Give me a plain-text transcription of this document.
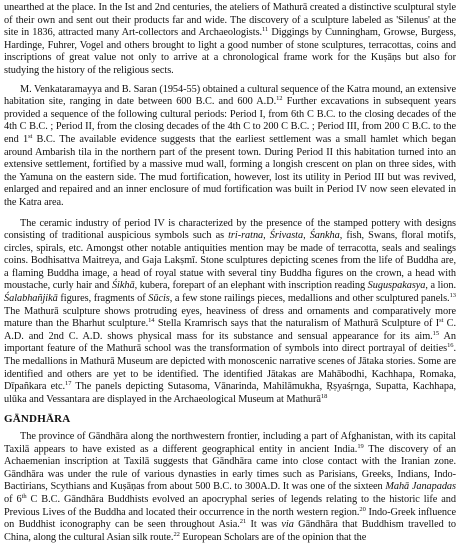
unearthed at the place. In the Ist and 2nd centuries, the ateliers of Mathurā created a distinctive sculptural style of their own and sent out their products far and wide. The discovery of a sculpture labeled as 'Silenus' at the site in 1836, attracted many Art-collectors and Archaeologists.$^{11}$ Diggings by Cunningham, Growse, Burgess, Hardinge, Fuhrer, Vogel and others brought to light a good number of stone sculptures, terracottas, coins and inscriptions of great value not only to arrive at a chronological frame work for the Kuṣāṇs but also for studying the history of the religious sects.

M. Venkataramayya and B. Saran (1954-55) obtained a cultural sequence of the Katra mound, an extensive habitation site, ranging in date between 600 B.C. and 600 A.D.$^{12}$ Further excavations in subsequent years provided a sequence of the following cultural periods: Period I, from 6th C B.C. to the closing decades of the 4th C B.C. ; Period II, from the closing decades of the 4th C to 200 C B.C. ; Period III, from 200 C B.C. to the end 1st B.C. The available evidence suggests that the earliest settlement was a small hamlet which began around Ambarish tila in the northern part of the present town. During Period II this habitation turned into an extensive settlement, fortified by a massive mud wall, forming a longish crescent on plan on three sides, with the Yamuna on the eastern side. The mud fortification, however, lost its utility in Period III but was revived, enlarged and repaired and an inner enclosure of mud fortification was built in Period IV now seen elevated in the Katra area.

The ceramic industry of period IV is characterized by the presence of the stamped pottery with designs consisting of traditional auspicious symbols such as tri-ratna, Śrivasta, Śankha, fish, Swans, floral motifs, circles, spirals, etc. Amongst other notable antiquities mention may be made of terracotta, seals and sealings coins. Bodhisattva Maitreya, and Gaja Lakṣmī. Stone sculptures depicting scenes from the life of Buddha are, a flaming Buddha image, a head of royal statue with several tiny Buddha figures on the crown, a head with moustache, curly hair and Śikhā, kubera, forepart of an elephant with inscription reading Suguspakasya, a lion. Śalabhañjikā figures, fragments of Sūcis, a few stone railings pieces, medallions and other sculptured panels.$^{13}$ The Mathurā sculpture shows protruding eyes, heaviness of dress and ornaments and comparatively more mature than the Bharhut sculpture.$^{14}$ Stella Kramrisch says that the naturalism of Mathurā Sculpture of Ist C. A.D. and 2nd C. A.D. shows physical mass for its substance and sensual appearance for its aim.$^{15}$ An important feature of the Mathurā school was the transformation of symbols into direct portrayal of deities$^{16}$. The medallions in Mathurā Museum are depicted with monoscenic narrative scenes of Jātaka stories. Some are identified and others are yet to be identified. The identified Jātakas are Mahābodhi, Kachhapa, Romaka, Dīpañkara etc.$^{17}$ The panels depicting Sutasoma, Vānarinda, Mahilāmukha, Ŗṣyaśṛnga, Supatta, Kachhapa, ulūka and Vessantara are displayed in the Archaeological Museum at Mathurā$^{18}$

GĀNDHĀRA

The province of Gāndhāra along the northwestern frontier, including a part of Afghanistan, with its capital Taxilā appears to have existed as a different geographical entity in ancient India.$^{19}$ The discovery of an Achaemenian inscription at Taxilā suggests that Gāndhāra came into close contact with the Iranian zone. Gāndhāra was under the rule of various dynasties in early times such as Parisians, Greeks, Indians, Indo-Bactirians, Scythians and Kuṣāṇas from about 500 B.C. to 300A.D. It was one of the sixteen Mahā Janapadas of 6th C B.C. Gāndhāra Buddhists evolved an apocryphal series of legends relating to the historic life and Previous Lives of the Buddha and located their occurrence in the north western region.$^{20}$ Indo-Greek influence on Buddhist iconography can be seen throughout Asia.$^{21}$ It was via Gāndhāra that Buddhism travelled to China, along the cultural Asian silk route.$^{22}$ European Scholars are of the opinion that the
